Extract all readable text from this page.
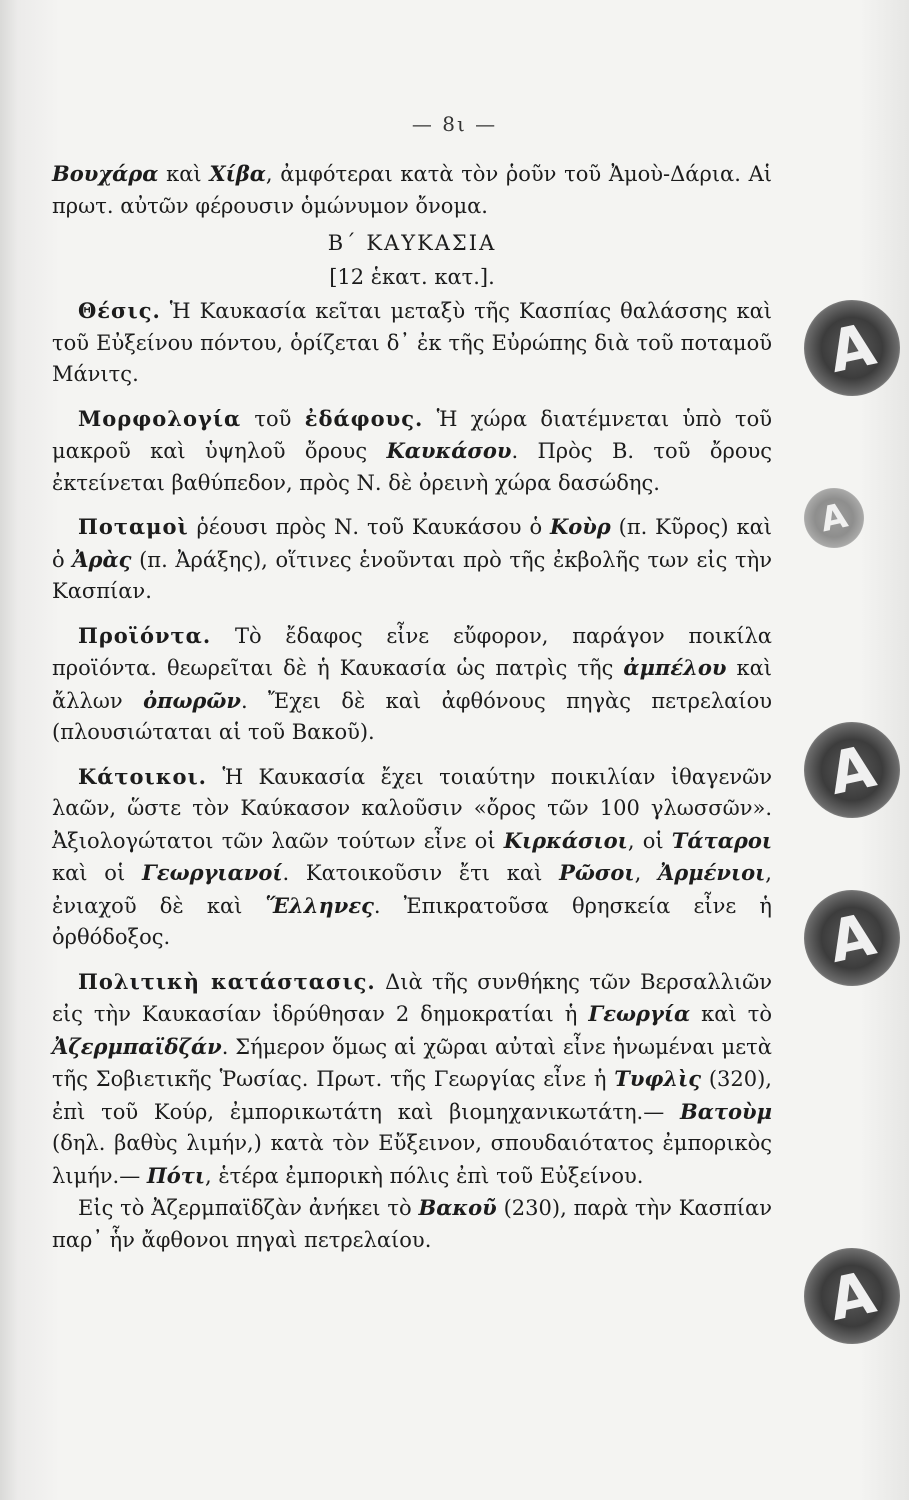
— 8ι —

Βουχάρα καὶ Χίβα, ἀμφότεραι κατὰ τὸν ῥοῦν τοῦ Ἀμοὺ-Δάρια. Αἱ πρωτ. αὐτῶν φέρουσιν ὁμώνυμον ὄνομα.

Β΄ ΚΑΥΚΑΣΙΑ

[12 ἑκατ. κατ.].

Θέσις. Ἡ Καυκασία κεῖται μεταξὺ τῆς Κασπίας θαλάσσης καὶ τοῦ Εὐξείνου πόντου, ὁρίζεται δ᾿ ἐκ τῆς Εὐρώπης διὰ τοῦ ποταμοῦ Μάνιτς.

Μορφολογία τοῦ ἐδάφους. Ἡ χώρα διατέμνεται ὑπὸ τοῦ μακροῦ καὶ ὑψηλοῦ ὄρους Καυκάσου. Πρὸς Β. τοῦ ὄρους ἐκτείνεται βαθύπεδον, πρὸς Ν. δὲ ὀρεινὴ χώρα δασώδης.

Ποταμοὶ ῥέουσι πρὸς Ν. τοῦ Καυκάσου ὁ Κοὺρ (π. Κῦρος) καὶ ὁ Ἀρὰς (π. Ἀράξης), οἵτινες ἑνοῦνται πρὸ τῆς ἐκβολῆς των εἰς τὴν Κασπίαν.

Προϊόντα. Τὸ ἔδαφος εἶνε εὔφορον, παράγον ποικίλα προϊόντα. θεωρεῖται δὲ ἡ Καυκασία ὡς πατρὶς τῆς ἀμπέλου καὶ ἄλλων ὀπωρῶν. Ἔχει δὲ καὶ ἀφθόνους πηγὰς πετρελαίου (πλουσιώταται αἱ τοῦ Βακοῦ).

Κάτοικοι. Ἡ Καυκασία ἔχει τοιαύτην ποικιλίαν ἰθαγενῶν λαῶν, ὥστε τὸν Καύκασον καλοῦσιν «ὄρος τῶν 100 γλωσσῶν». Ἀξιολογώτατοι τῶν λαῶν τούτων εἶνε οἱ Κιρκάσιοι, οἱ Τάταροι καὶ οἱ Γεωργιανοί. Κατοικοῦσιν ἔτι καὶ Ρῶσοι, Ἀρμένιοι, ἐνιαχοῦ δὲ καὶ Ἕλληνες. Ἐπικρατοῦσα θρησκεία εἶνε ἡ ὀρθόδοξος.

Πολιτικὴ κατάστασις. Διὰ τῆς συνθήκης τῶν Βερσαλλιῶν εἰς τὴν Καυκασίαν ἱδρύθησαν 2 δημοκρατίαι ἡ Γεωργία καὶ τὸ Ἀζερμπαϊδζάν. Σήμερον ὅμως αἱ χῶραι αὐταὶ εἶνε ἡνωμέναι μετὰ τῆς Σοβιετικῆς Ῥωσίας. Πρωτ. τῆς Γεωργίας εἶνε ἡ Τυφλὶς (320), ἐπὶ τοῦ Κούρ, ἐμπορικωτάτη καὶ βιομηχανικωτάτη.— Βατοὺμ (δηλ. βαθὺς λιμήν,) κατὰ τὸν Εὔξεινον, σπουδαιότατος ἐμπορικὸς λιμήν.— Πότι, ἑτέρα ἐμπορικὴ πόλις ἐπὶ τοῦ Εὐξείνου.

Εἰς τὸ Ἀζερμπαϊδζὰν ἀνήκει τὸ Βακοῦ (230), παρὰ τὴν Κασπίαν παρ᾿ ἧν ἄφθονοι πηγαὶ πετρελαίου.

A
A
A
A
A
